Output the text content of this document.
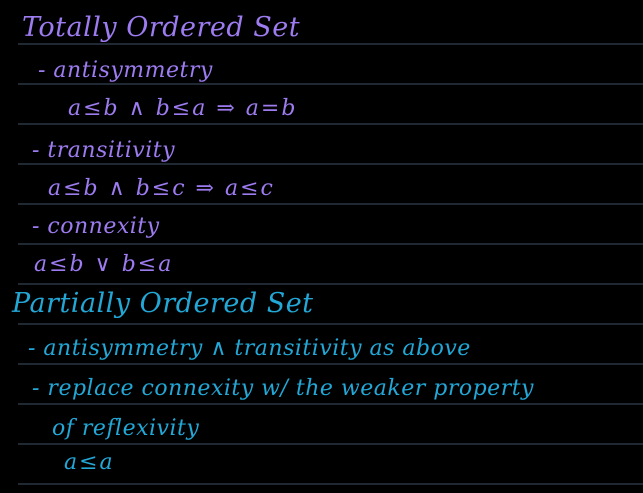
Totally Ordered Set
- antisymmetry
a≤b ∧ b≤a ⇒ a=b
- transitivity
a≤b ∧ b≤c ⇒ a≤c
- connexity
a≤b ∨ b≤a
Partially Ordered Set
- antisymmetry ∧ transitivity as above
- replace connexity w/ the weaker property
of reflexivity
a≤a
